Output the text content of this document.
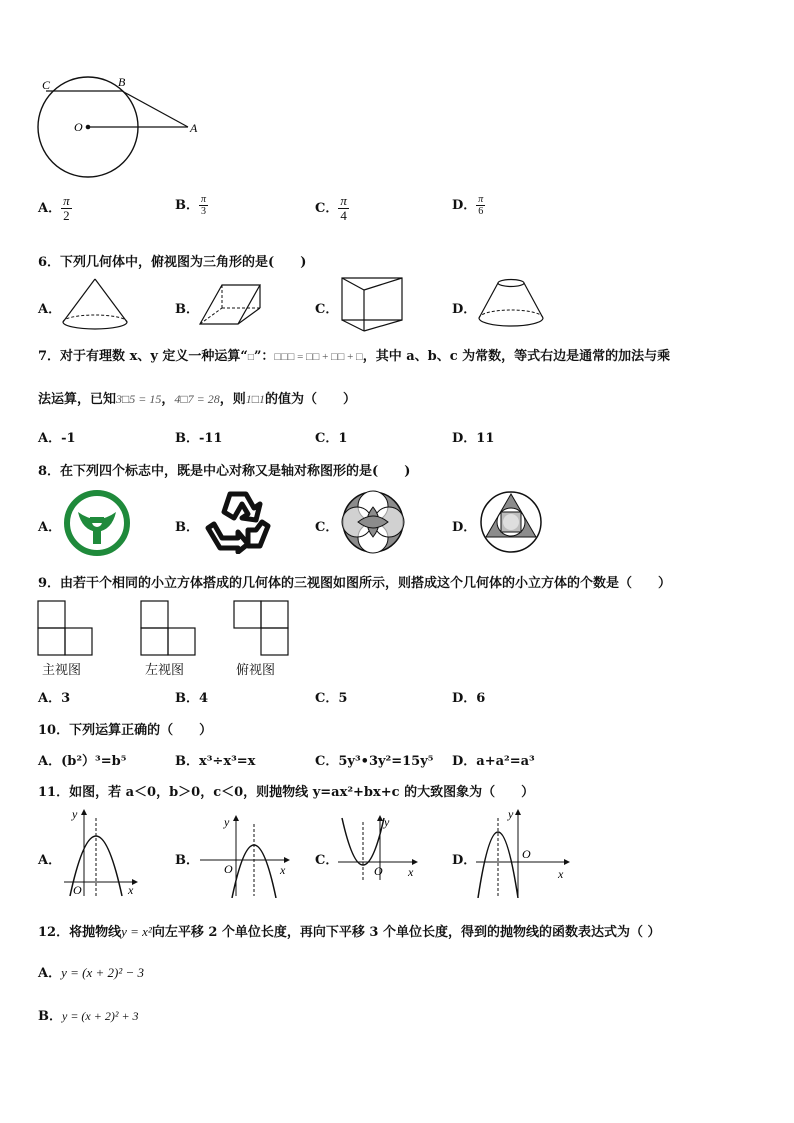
C	B
O	A
A． $\frac{\pi}{2}$	B． $\frac{\pi}{3}$	C． $\frac{\pi}{4}$	D． $\frac{\pi}{6}$
6．下列几何体中，俯视图为三角形的是(　　)
A．	B．	C．	D．
7．对于有理数 x、y 定义一种运算“□”：□□□ = □□ + □□ + □，其中 a、b、c 为常数，等式右边是通常的加法与乘
法运算，已知3□5 = 15，4□7 = 28，则1□1的值为（　　）
A．-1	B．-11	C．1	D．11
8．在下列四个标志中，既是中心对称又是轴对称图形的是(　　)
A．	B．	C．	D．
9．由若干个相同的小立方体搭成的几何体的三视图如图所示，则搭成这个几何体的小立方体的个数是（　　）
主视图	左视图	俯视图
A．3	B．4	C．5	D．6
10．下列运算正确的（　　）
A．(b²）³=b⁵	B．x³÷x³=x	C．5y³•3y²=15y⁵ D．a+a²=a³
11．如图，若 a＜0，b＞0，c＜0，则抛物线 y=ax²+bx+c 的大致图象为（　　）
A．
y
x
O
B．
y
x
O
C．
y
x
O
D．
y
x
O
12．将抛物线y = x²向左平移 2 个单位长度，再向下平移 3 个单位长度，得到的抛物线的函数表达式为（ ）
A．y = (x + 2)² − 3
B．y = (x + 2)² + 3
